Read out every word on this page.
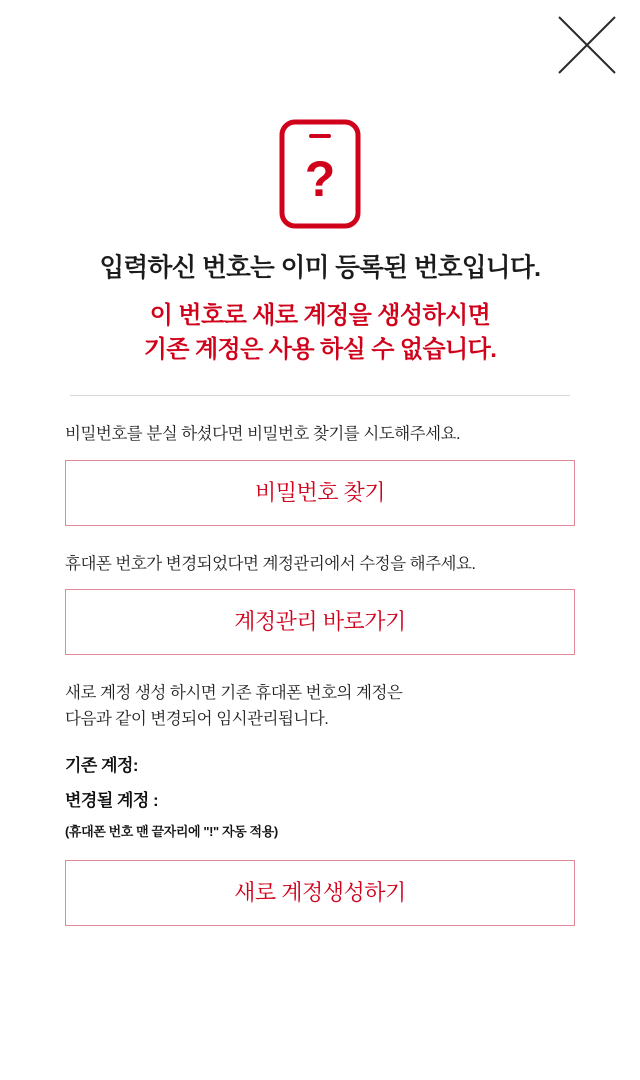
?
입력하신 번호는 이미 등록된 번호입니다.
이 번호로 새로 계정을 생성하시면
기존 계정은 사용 하실 수 없습니다.

비밀번호를 분실 하셨다면 비밀번호 찾기를 시도해주세요.

비밀번호 찾기

휴대폰 번호가 변경되었다면 계정관리에서 수정을 해주세요.

계정관리 바로가기

새로 계정 생성 하시면 기존 휴대폰 번호의 계정은
다음과 같이 변경되어 임시관리됩니다.

기존 계정:

변경될 계정 :

(휴대폰 번호 맨 끝자리에 "!" 자동 적용)

새로 계정생성하기
